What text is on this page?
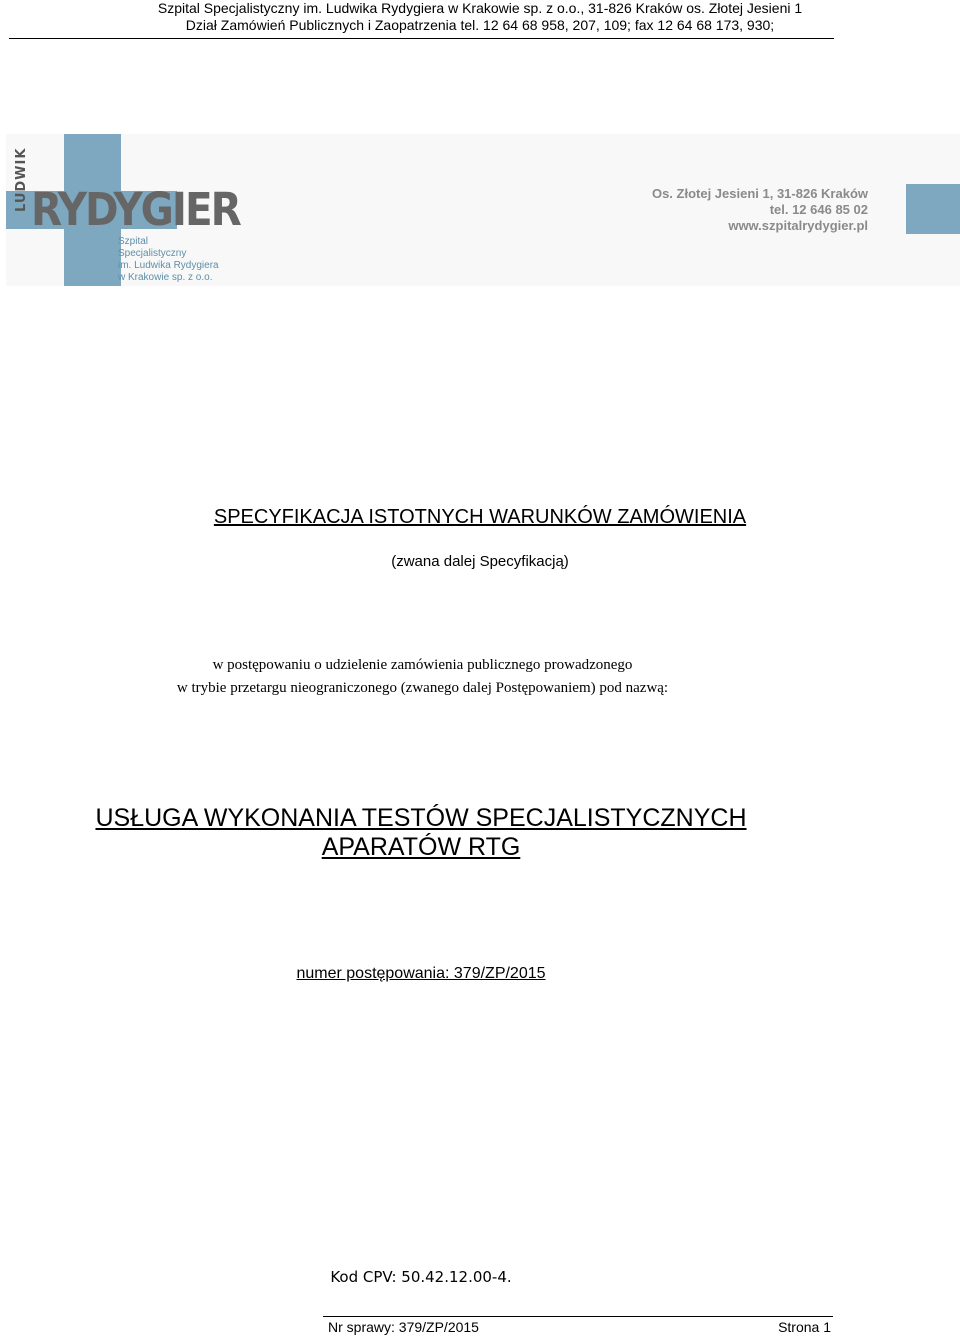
Szpital Specjalistyczny im. Ludwika Rydygiera w Krakowie sp. z o.o., 31-826 Kraków os. Złotej Jesieni 1
Dział Zamówień Publicznych i Zaopatrzenia tel. 12 64 68 958, 207, 109; fax 12 64 68 173, 930;
LUDWIK RYDYGIER
Szpital
Specjalistyczny
im. Ludwika Rydygiera
w Krakowie sp. z o.o.
Os. Złotej Jesieni 1, 31-826 Kraków
tel. 12 646 85 02
www.szpitalrydygier.pl
SPECYFIKACJA ISTOTNYCH WARUNKÓW ZAMÓWIENIA
(zwana dalej Specyfikacją)
w postępowaniu o udzielenie zamówienia publicznego prowadzonego
w trybie przetargu nieograniczonego (zwanego dalej Postępowaniem) pod nazwą:
USŁUGA WYKONANIA TESTÓW SPECJALISTYCZNYCH
APARATÓW RTG
numer postępowania: 379/ZP/2015
Kod CPV: 50.42.12.00-4.
Nr sprawy: 379/ZP/2015	Strona 1
